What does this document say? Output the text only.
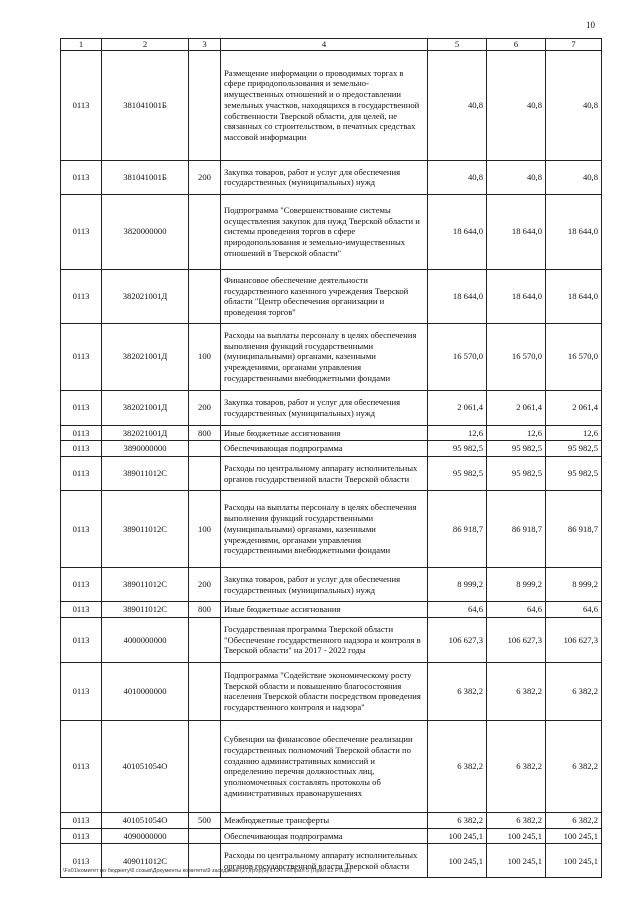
10
1	2	3	4	5	6	7
0113	381041001Б		Размещение информации о проводимых торгах в сфере природопользования и земельно-имущественных отношений и о предоставлении земельных участков, находящихся в государственной собственности Тверской области, для целей, не связанных со строительством, в печатных средствах массовой информации	40,8	40,8	40,8
0113	381041001Б	200	Закупка товаров, работ и услуг для обеспечения государственных (муниципальных) нужд	40,8	40,8	40,8
0113	3820000000		Подпрограмма "Совершенствование системы осуществления закупок для нужд Тверской области и системы проведения торгов в сфере природопользования и земельно-имущественных отношений в Тверской области"	18 644,0	18 644,0	18 644,0
0113	382021001Д		Финансовое обеспечение деятельности государственного казенного учреждения Тверской области "Центр обеспечения организации и проведения торгов"	18 644,0	18 644,0	18 644,0
0113	382021001Д	100	Расходы на выплаты персоналу в целях обеспечения выполнения функций государственными (муниципальными) органами, казенными учреждениями, органами управления государственными внебюджетными фондами	16 570,0	16 570,0	16 570,0
0113	382021001Д	200	Закупка товаров, работ и услуг для обеспечения государственных (муниципальных) нужд	2 061,4	2 061,4	2 061,4
0113	382021001Д	800	Иные бюджетные ассигнования	12,6	12,6	12,6
0113	3890000000		Обеспечивающая подпрограмма	95 982,5	95 982,5	95 982,5
0113	389011012С		Расходы по центральному аппарату исполнительных органов государственной власти Тверской области	95 982,5	95 982,5	95 982,5
0113	389011012С	100	Расходы на выплаты персоналу в целях обеспечения выполнения функций государственными (муниципальными) органами, казенными учреждениями, органами управления государственными внебюджетными фондами	86 918,7	86 918,7	86 918,7
0113	389011012С	200	Закупка товаров, работ и услуг для обеспечения государственных (муниципальных) нужд	8 999,2	8 999,2	8 999,2
0113	389011012С	800	Иные бюджетные ассигнования	64,6	64,6	64,6
0113	4000000000		Государственная программа Тверской области "Обеспечение государственного надзора и контроля в Тверской области" на 2017 - 2022 годы	106 627,3	106 627,3	106 627,3
0113	4010000000		Подпрограмма "Содействие экономическому росту Тверской области и повышению благосостояния населения Тверской области посредством проведения государственного контроля и надзора"	6 382,2	6 382,2	6 382,2
0113	401051054О		Субвенции на финансовое обеспечение реализации государственных полномочий Тверской области по созданию административных комиссий и определению перечня должностных лиц, уполномоченных составлять протоколы об административных правонарушениях	6 382,2	6 382,2	6 382,2
0113	401051054О	500	Межбюджетные трансферты	6 382,2	6 382,2	6 382,2
0113	4090000000		Обеспечивающая подпрограмма	100 245,1	100 245,1	100 245,1
0113	409011012С		Расходы по центральному аппарату исполнительных органов государственной власти Тверской области	100 245,1	100 245,1	100 245,1
\Fs01\комитет по бюджету\6 созыв\Документы комитета\9 заседание (27)гр\гр(9) 172-П-6\Прил 5 (Прил 12 РТЦБ)
